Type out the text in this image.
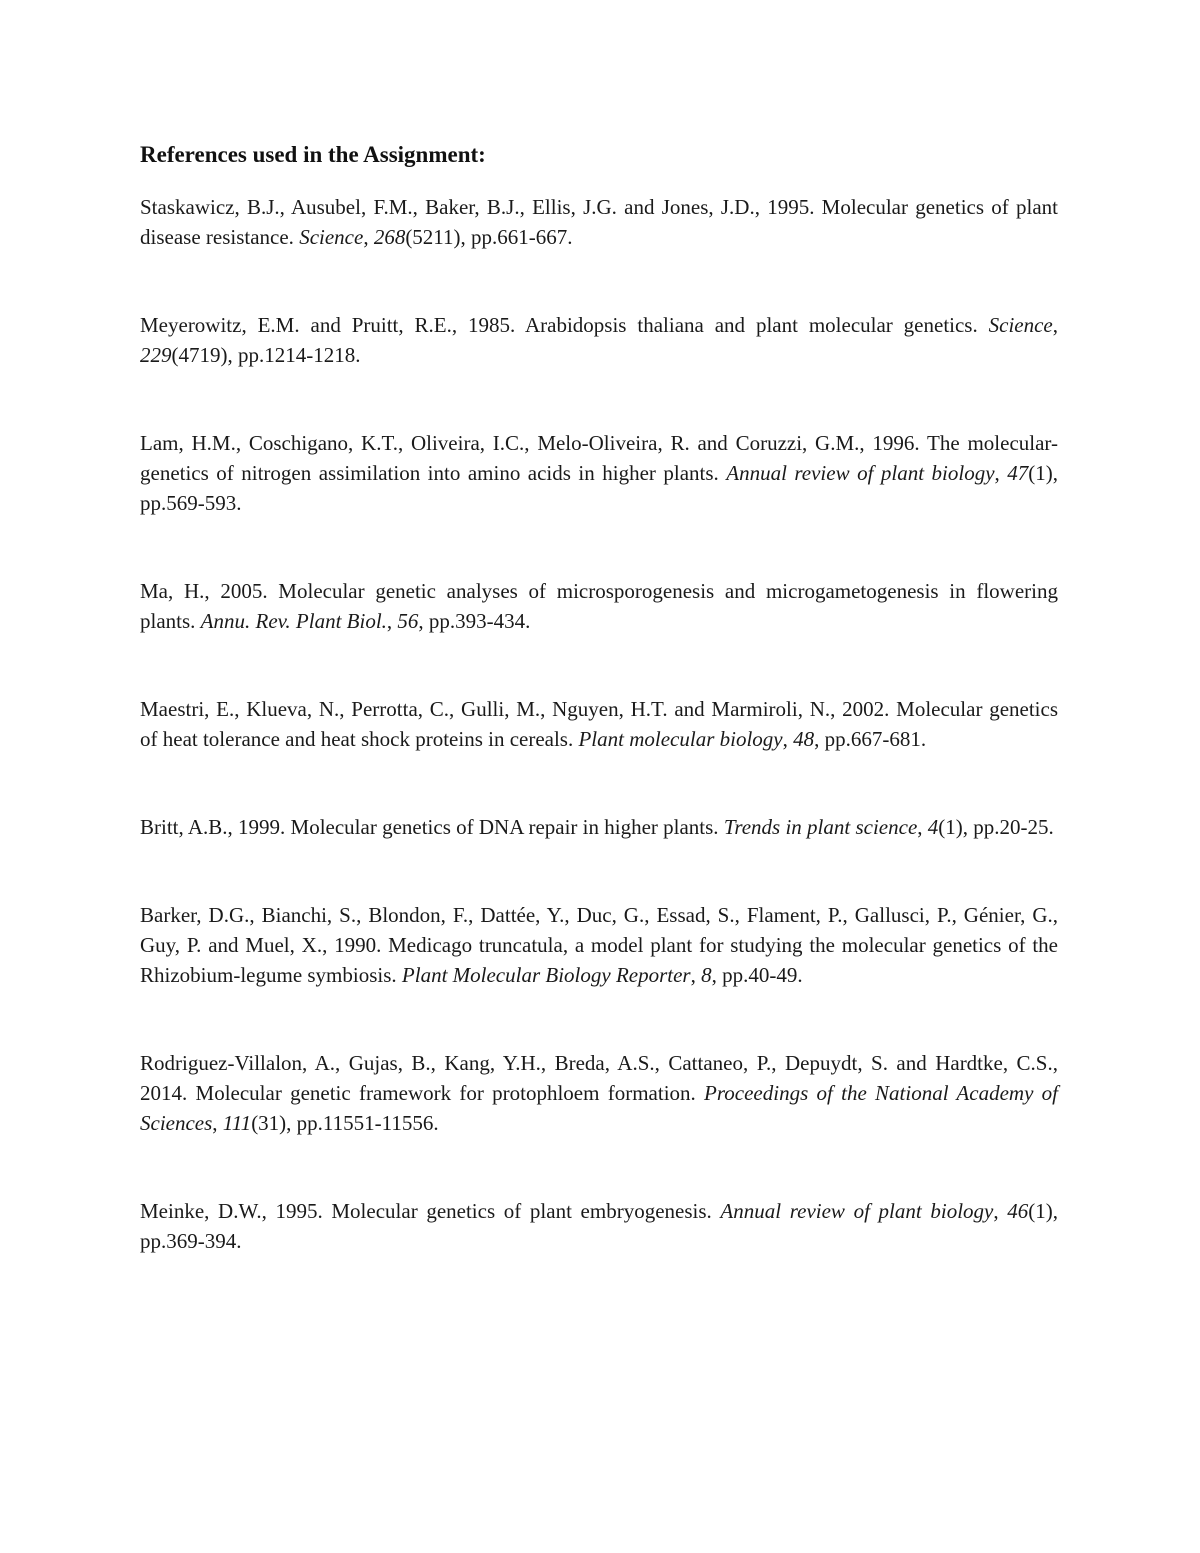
References used in the Assignment:

Staskawicz, B.J., Ausubel, F.M., Baker, B.J., Ellis, J.G. and Jones, J.D., 1995. Molecular genetics of plant disease resistance. Science, 268(5211), pp.661-667.

Meyerowitz, E.M. and Pruitt, R.E., 1985. Arabidopsis thaliana and plant molecular genetics. Science, 229(4719), pp.1214-1218.

Lam, H.M., Coschigano, K.T., Oliveira, I.C., Melo-Oliveira, R. and Coruzzi, G.M., 1996. The molecular-genetics of nitrogen assimilation into amino acids in higher plants. Annual review of plant biology, 47(1), pp.569-593.

Ma, H., 2005. Molecular genetic analyses of microsporogenesis and microgametogenesis in flowering plants. Annu. Rev. Plant Biol., 56, pp.393-434.

Maestri, E., Klueva, N., Perrotta, C., Gulli, M., Nguyen, H.T. and Marmiroli, N., 2002. Molecular genetics of heat tolerance and heat shock proteins in cereals. Plant molecular biology, 48, pp.667-681.

Britt, A.B., 1999. Molecular genetics of DNA repair in higher plants. Trends in plant science, 4(1), pp.20-25.

Barker, D.G., Bianchi, S., Blondon, F., Dattée, Y., Duc, G., Essad, S., Flament, P., Gallusci, P., Génier, G., Guy, P. and Muel, X., 1990. Medicago truncatula, a model plant for studying the molecular genetics of the Rhizobium-legume symbiosis. Plant Molecular Biology Reporter, 8, pp.40-49.

Rodriguez-Villalon, A., Gujas, B., Kang, Y.H., Breda, A.S., Cattaneo, P., Depuydt, S. and Hardtke, C.S., 2014. Molecular genetic framework for protophloem formation. Proceedings of the National Academy of Sciences, 111(31), pp.11551-11556.

Meinke, D.W., 1995. Molecular genetics of plant embryogenesis. Annual review of plant biology, 46(1), pp.369-394.
